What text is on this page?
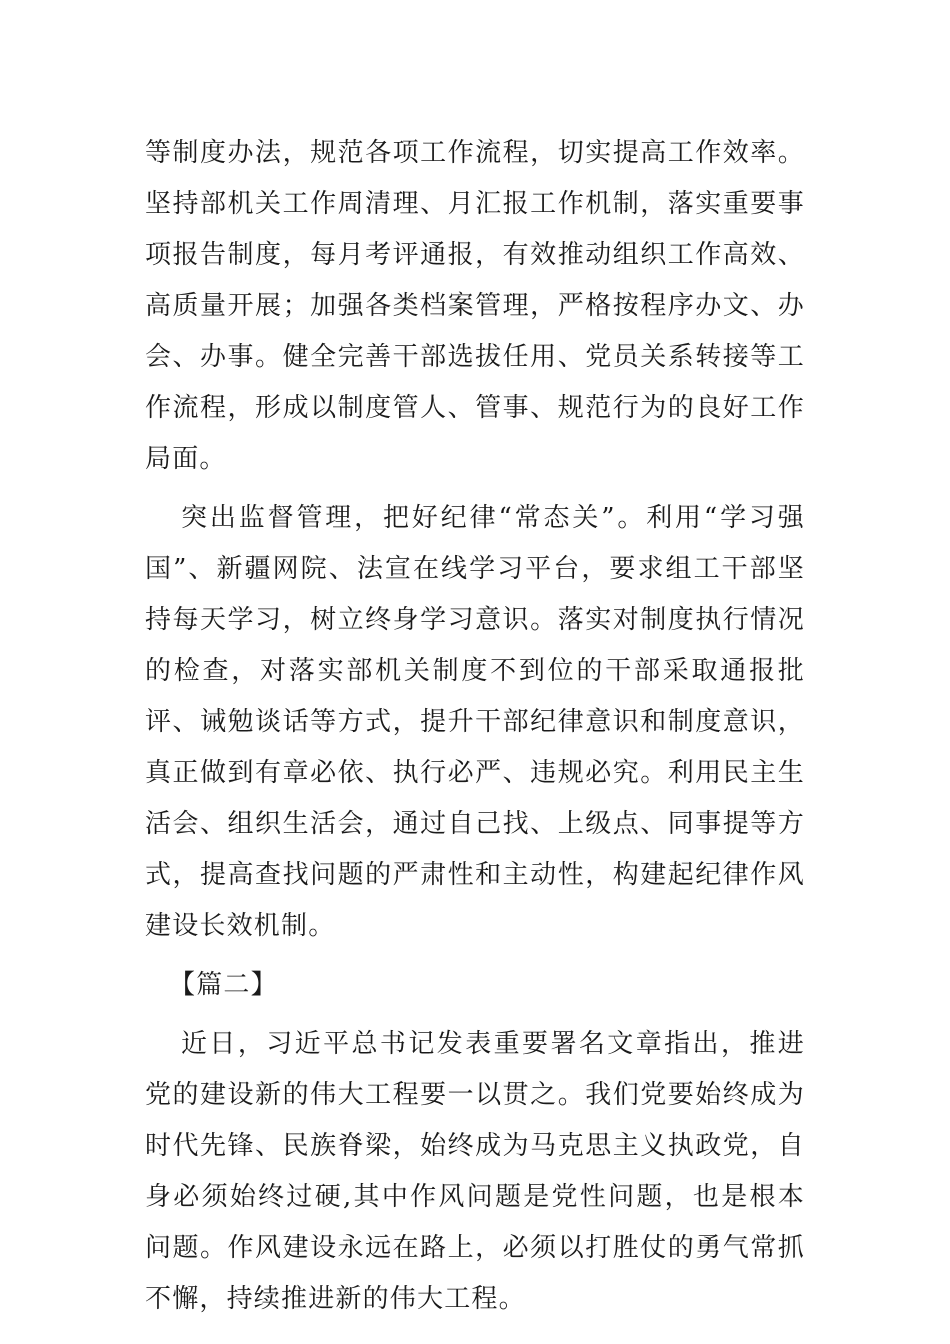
等制度办法，规范各项工作流程，切实提高工作效率。坚持部机关工作周清理、月汇报工作机制，落实重要事项报告制度，每月考评通报，有效推动组织工作高效、高质量开展；加强各类档案管理，严格按程序办文、办会、办事。健全完善干部选拔任用、党员关系转接等工作流程，形成以制度管人、管事、规范行为的良好工作局面。

突出监督管理，把好纪律“常态关”。利用“学习强国”、新疆网院、法宣在线学习平台，要求组工干部坚持每天学习，树立终身学习意识。落实对制度执行情况的检查，对落实部机关制度不到位的干部采取通报批评、诫勉谈话等方式，提升干部纪律意识和制度意识，真正做到有章必依、执行必严、违规必究。利用民主生活会、组织生活会，通过自己找、上级点、同事提等方式，提高查找问题的严肃性和主动性，构建起纪律作风建设长效机制。

【篇二】

近日，习近平总书记发表重要署名文章指出，推进党的建设新的伟大工程要一以贯之。我们党要始终成为时代先锋、民族脊梁，始终成为马克思主义执政党，自身必须始终过硬,其中作风问题是党性问题，也是根本问题。作风建设永远在路上，必须以打胜仗的勇气常抓不懈，持续推进新的伟大工程。
